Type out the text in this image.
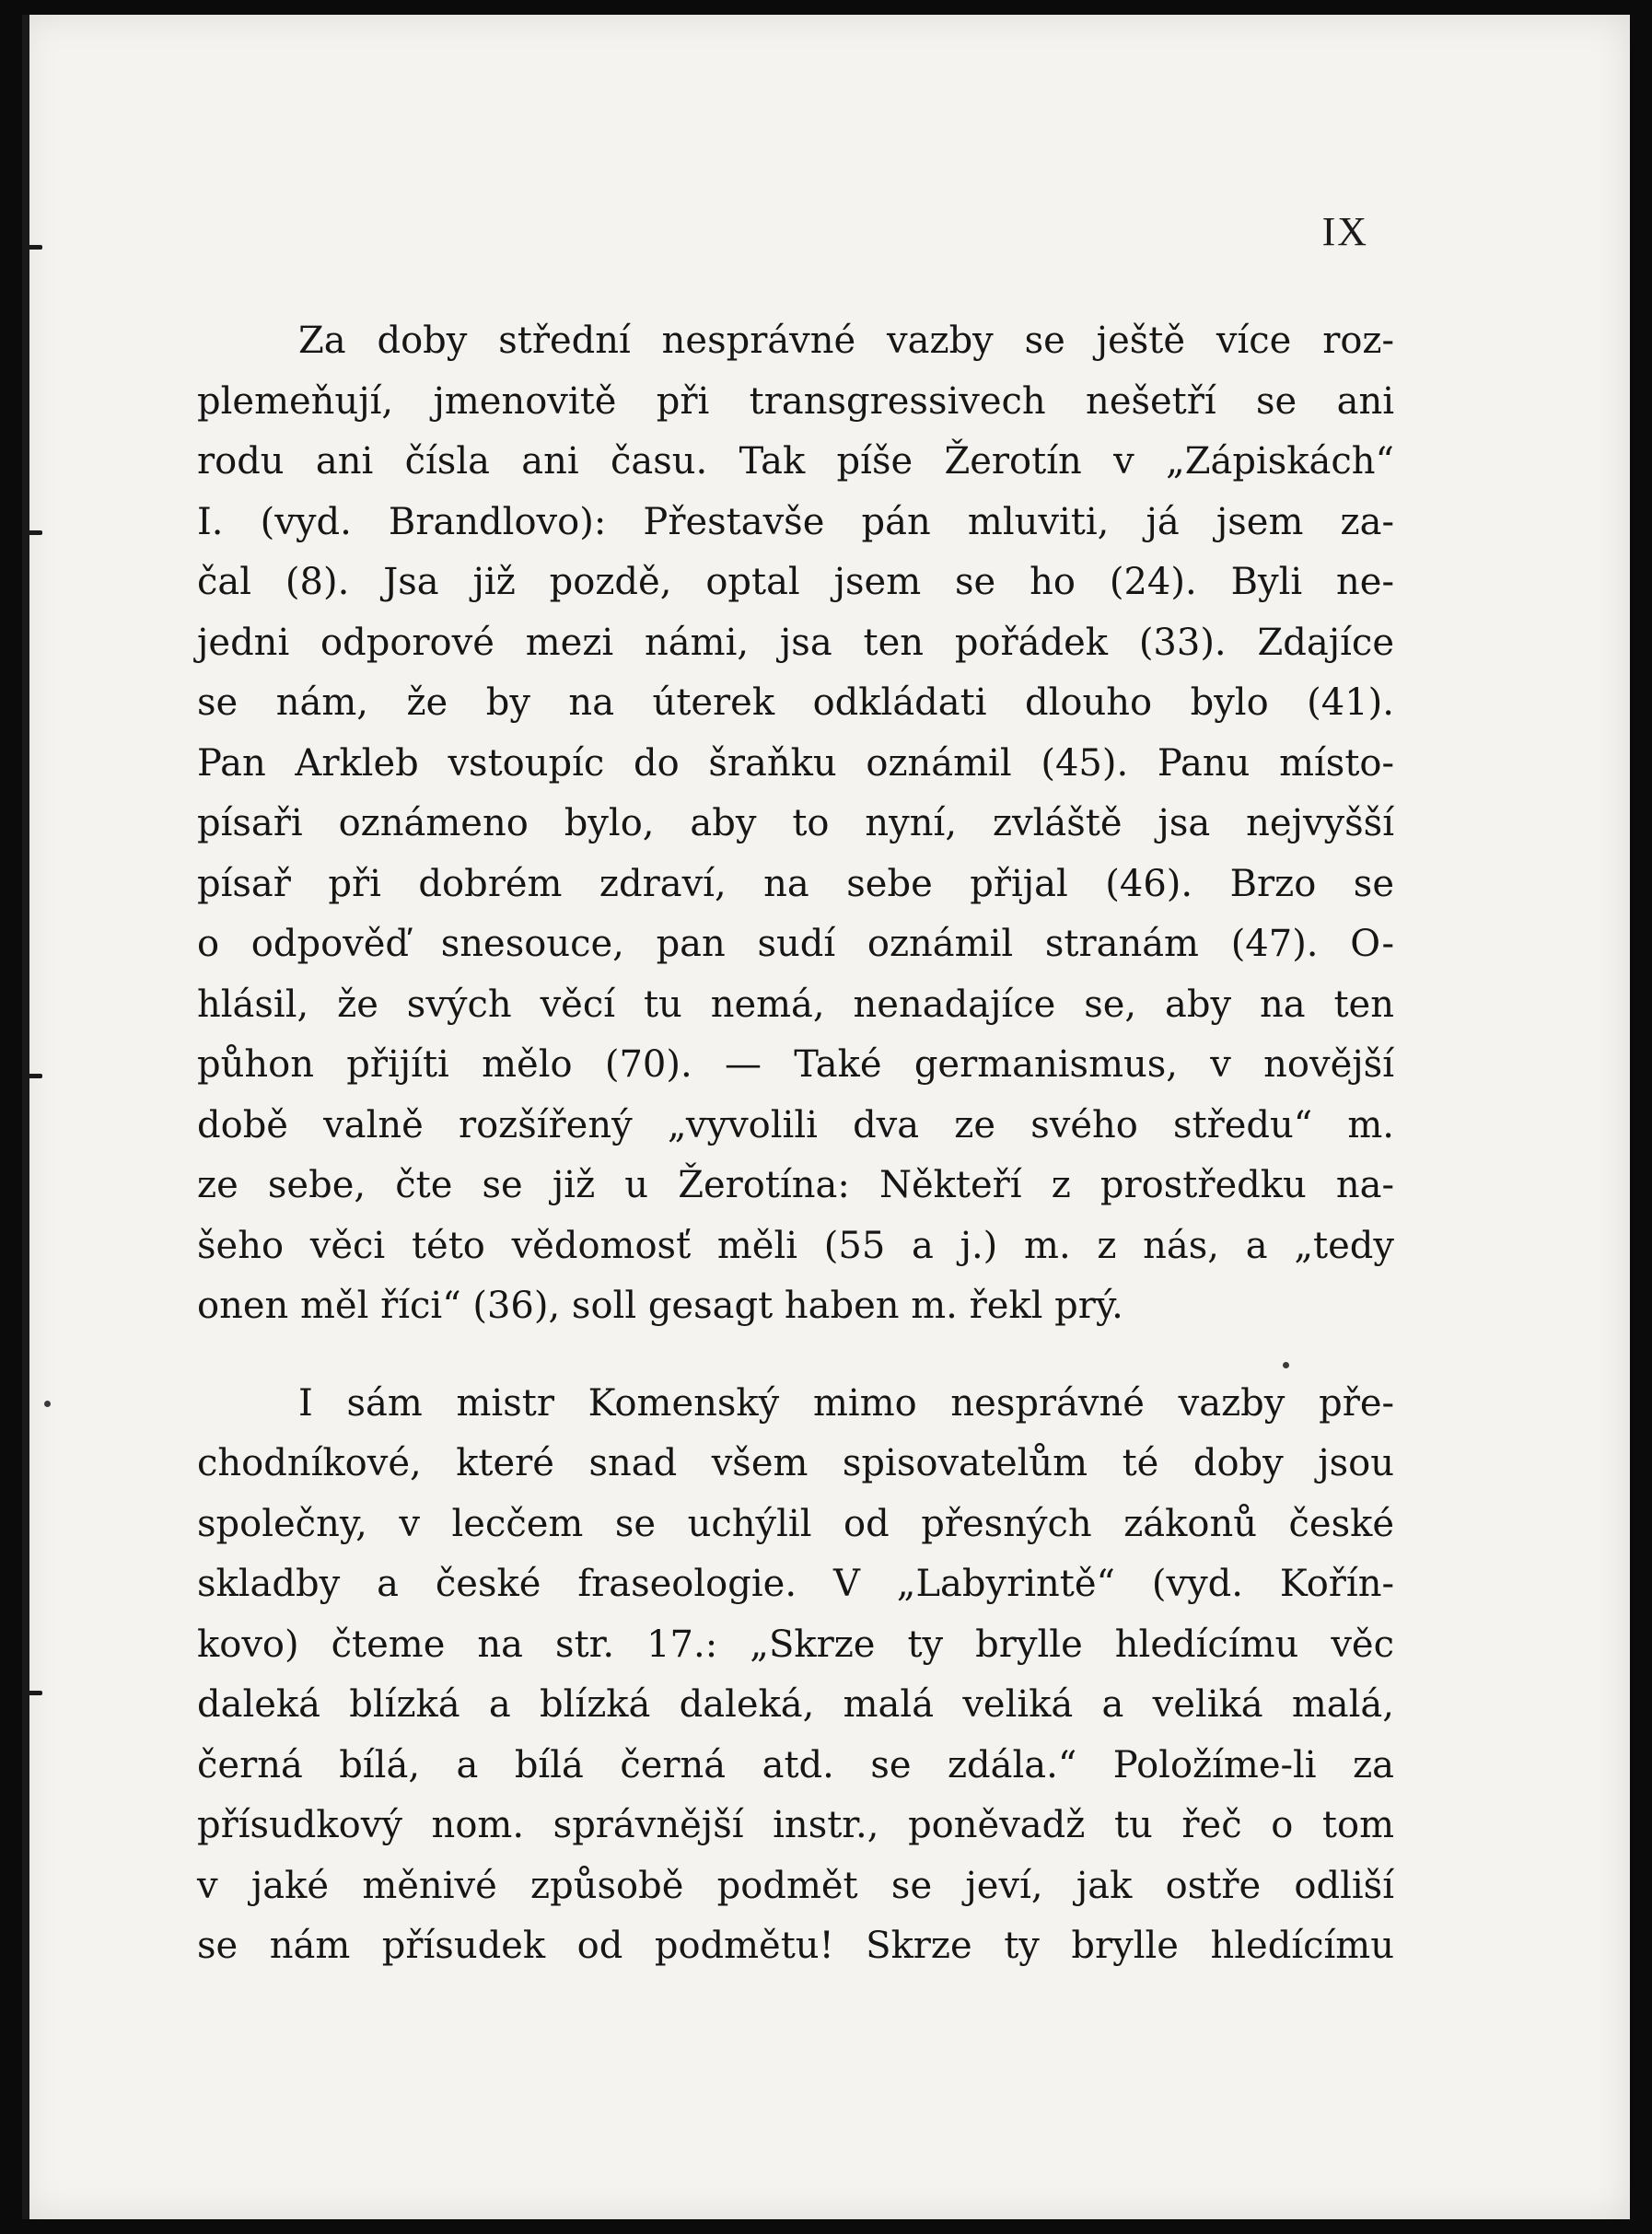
IX
Za doby střední nesprávné vazby se ještě více roz-
plemeňují, jmenovitě při transgressivech nešetří se ani
rodu ani čísla ani času. Tak píše Žerotín v „Zápiskách“
I. (vyd. Brandlovo): Přestavše pán mluviti, já jsem za-
čal (8). Jsa již pozdě, optal jsem se ho (24). Byli ne-
jedni odporové mezi námi, jsa ten pořádek (33). Zdajíce
se nám, že by na úterek odkládati dlouho bylo (41).
Pan Arkleb vstoupíc do šraňku oznámil (45). Panu místo-
písaři oznámeno bylo, aby to nyní, zvláště jsa nejvyšší
písař při dobrém zdraví, na sebe přijal (46). Brzo se
o odpověď snesouce, pan sudí oznámil stranám (47). O-
hlásil, že svých věcí tu nemá, nenadajíce se, aby na ten
půhon přijíti mělo (70). — Také germanismus, v novější
době valně rozšířený „vyvolili dva ze svého středu“ m.
ze sebe, čte se již u Žerotína: Někteří z prostředku na-
šeho věci této vědomosť měli (55 a j.) m. z nás, a „tedy
onen měl říci“ (36), soll gesagt haben m. řekl prý.
I sám mistr Komenský mimo nesprávné vazby pře-
chodníkové, které snad všem spisovatelům té doby jsou
společny, v lecčem se uchýlil od přesných zákonů české
skladby a české fraseologie. V „Labyrintě“ (vyd. Kořín-
kovo) čteme na str. 17.: „Skrze ty brylle hledícímu věc
daleká blízká a blízká daleká, malá veliká a veliká malá,
černá bílá, a bílá černá atd. se zdála.“ Položíme-li za
přísudkový nom. správnější instr., poněvadž tu řeč o tom
v jaké měnivé způsobě podmět se jeví, jak ostře odliší
se nám přísudek od podmětu! Skrze ty brylle hledícímu
